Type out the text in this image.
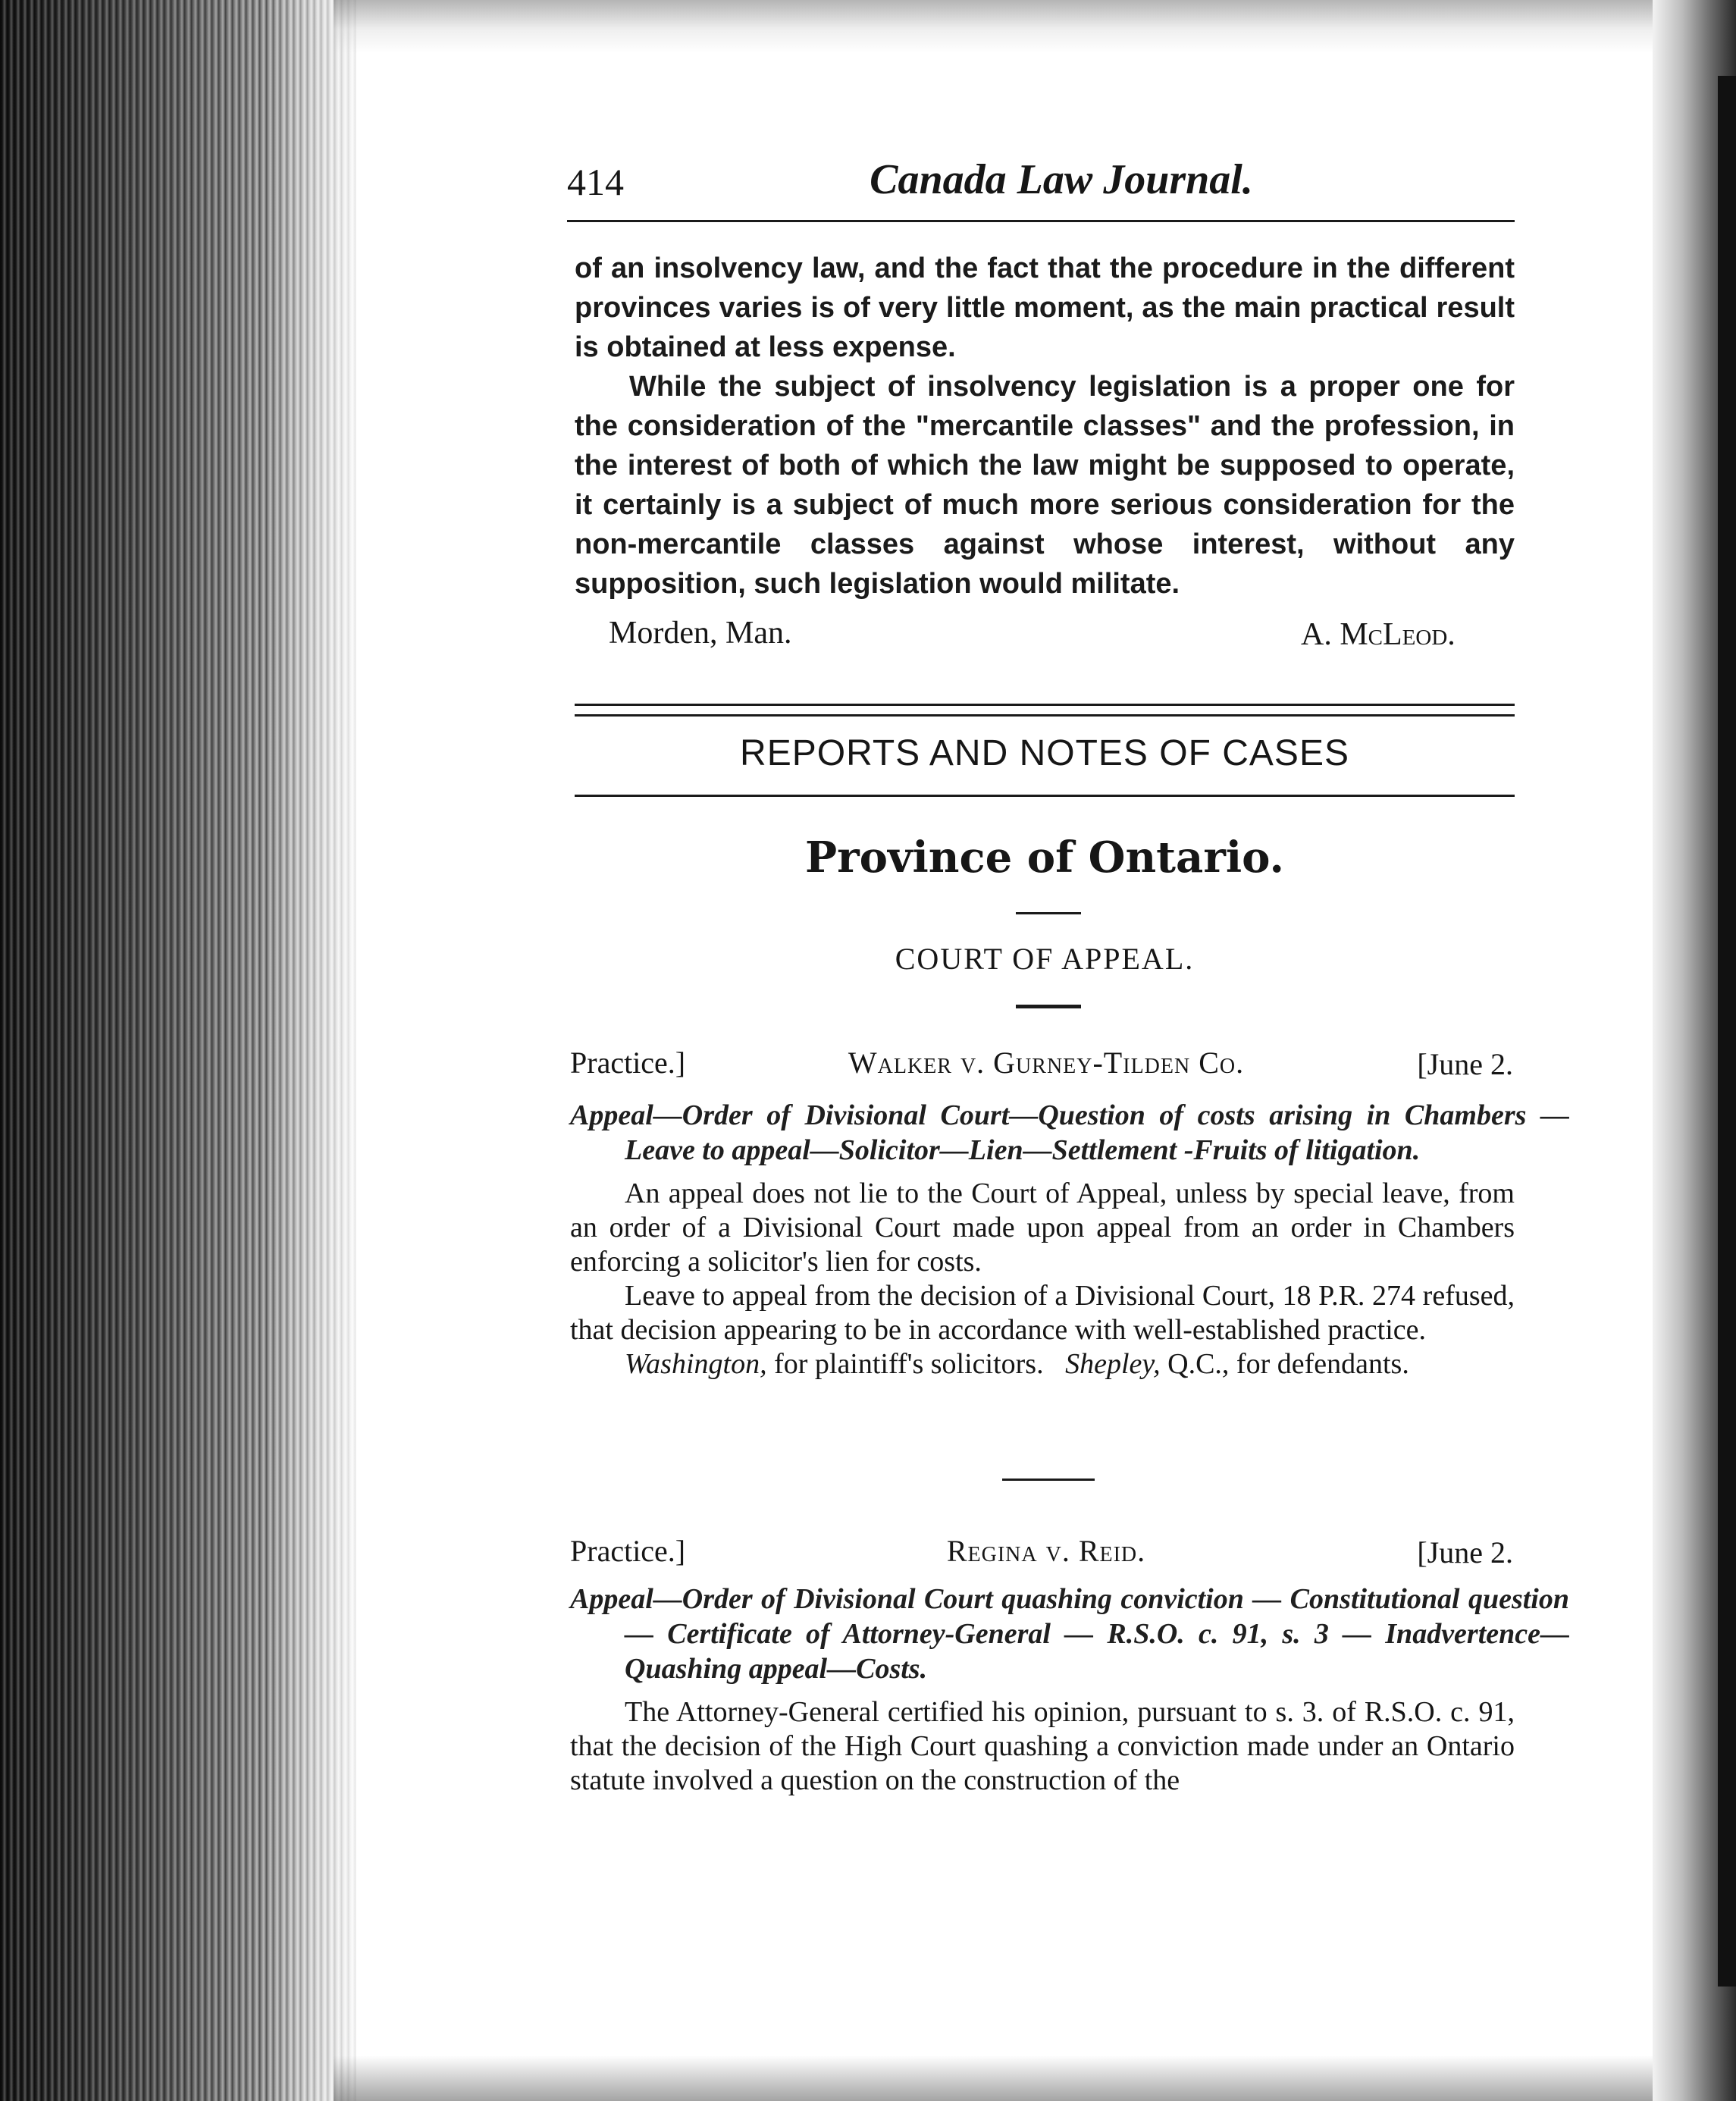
414	Canada Law Journal.

of an insolvency law, and the fact that the procedure in the different provinces varies is of very little moment, as the main practical result is obtained at less expense.

While the subject of insolvency legislation is a proper one for the consideration of the "mercantile classes" and the profession, in the interest of both of which the law might be supposed to operate, it certainly is a subject of much more serious consideration for the non-mercantile classes against whose interest, without any supposition, such legislation would militate.

Morden, Man.	A. McLeod.
REPORTS AND NOTES OF CASES
Province of Ontario.
COURT OF APPEAL.
Practice.]	Walker v. Gurney-Tilden Co.	[June 2.

Appeal—Order of Divisional Court—Question of costs arising in Chambers —Leave to appeal—Solicitor—Lien—Settlement -Fruits of litigation.

An appeal does not lie to the Court of Appeal, unless by special leave, from an order of a Divisional Court made upon appeal from an order in Chambers enforcing a solicitor's lien for costs.

Leave to appeal from the decision of a Divisional Court, 18 P.R. 274 refused, that decision appearing to be in accordance with well-established practice.

Washington, for plaintiff's solicitors. Shepley, Q.C., for defendants.

Practice.]	Regina v. Reid.	[June 2.

Appeal—Order of Divisional Court quashing conviction — Constitutional question — Certificate of Attorney-General — R.S.O. c. 91, s. 3 — Inadvertence—Quashing appeal—Costs.

The Attorney-General certified his opinion, pursuant to s. 3. of R.S.O. c. 91, that the decision of the High Court quashing a conviction made under an Ontario statute involved a question on the construction of the
